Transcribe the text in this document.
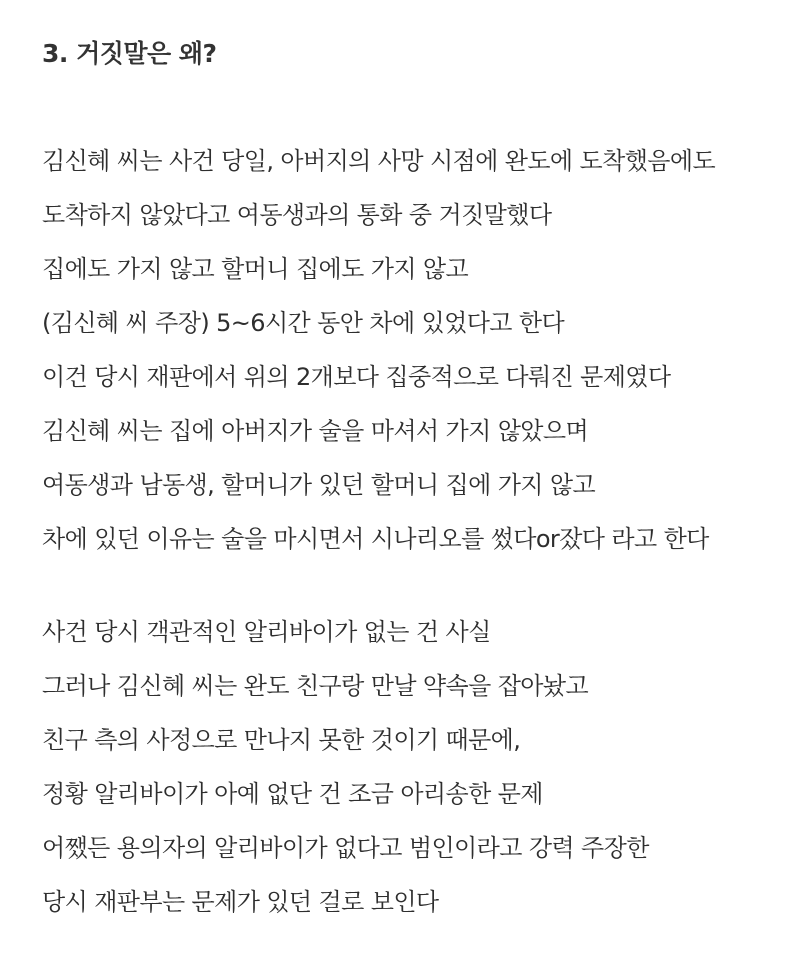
3. 거짓말은 왜?
김신혜 씨는 사건 당일, 아버지의 사망 시점에 완도에 도착했음에도
도착하지 않았다고 여동생과의 통화 중 거짓말했다
집에도 가지 않고 할머니 집에도 가지 않고
(김신혜 씨 주장) 5~6시간 동안 차에 있었다고 한다
이건 당시 재판에서 위의 2개보다 집중적으로 다뤄진 문제였다
김신혜 씨는 집에 아버지가 술을 마셔서 가지 않았으며
여동생과 남동생, 할머니가 있던 할머니 집에 가지 않고
차에 있던 이유는 술을 마시면서 시나리오를 썼다or잤다 라고 한다
사건 당시 객관적인 알리바이가 없는 건 사실
그러나 김신혜 씨는 완도 친구랑 만날 약속을 잡아놨고
친구 측의 사정으로 만나지 못한 것이기 때문에,
정황 알리바이가 아예 없단 건 조금 아리송한 문제
어쨌든 용의자의 알리바이가 없다고 범인이라고 강력 주장한
당시 재판부는 문제가 있던 걸로 보인다
